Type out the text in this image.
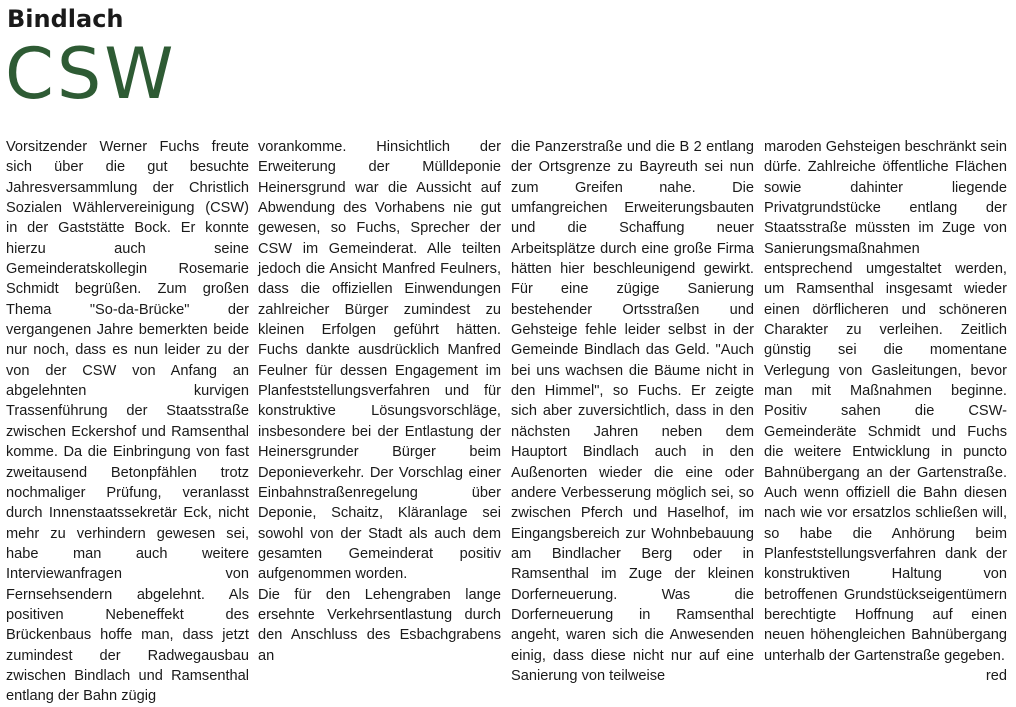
Bindlach
CSW

Vorsitzender Werner Fuchs freute sich über die gut besuchte Jahresversammlung der Christlich Sozialen Wählervereinigung (CSW) in der Gaststätte Bock. Er konnte hierzu auch seine Gemeinderatskollegin Rosemarie Schmidt begrüßen. Zum großen Thema "So-da-Brücke" der vergangenen Jahre bemerkten beide nur noch, dass es nun leider zu der von der CSW von Anfang an abgelehnten kurvigen Trassenführung der Staatsstraße zwischen Eckershof und Ramsenthal komme. Da die Einbringung von fast zweitausend Betonpfählen trotz nochmaliger Prüfung, veranlasst durch Innenstaatssekretär Eck, nicht mehr zu verhindern gewesen sei, habe man auch weitere Interviewanfragen von Fernsehsendern abgelehnt. Als positiven Nebeneffekt des Brückenbaus hoffe man, dass jetzt zumindest der Radwegausbau zwischen Bindlach und Ramsenthal entlang der Bahn zügig

vorankomme. Hinsichtlich der Erweiterung der Mülldeponie Heinersgrund war die Aussicht auf Abwendung des Vorhabens nie gut gewesen, so Fuchs, Sprecher der CSW im Gemeinderat. Alle teilten jedoch die Ansicht Manfred Feulners, dass die offiziellen Einwendungen zahlreicher Bürger zumindest zu kleinen Erfolgen geführt hätten. Fuchs dankte ausdrücklich Manfred Feulner für dessen Engagement im Planfeststellungsverfahren und für konstruktive Lösungsvorschläge, insbesondere bei der Entlastung der Heinersgrunder Bürger beim Deponieverkehr. Der Vorschlag einer Einbahnstraßenregelung über Deponie, Schaitz, Kläranlage sei sowohl von der Stadt als auch dem gesamten Gemeinderat positiv aufgenommen worden.

Die für den Lehengraben lange ersehnte Verkehrsentlastung durch den Anschluss des Esbachgrabens an

die Panzerstraße und die B 2 entlang der Ortsgrenze zu Bayreuth sei nun zum Greifen nahe. Die umfangreichen Erweiterungsbauten und die Schaffung neuer Arbeitsplätze durch eine große Firma hätten hier beschleunigend gewirkt. Für eine zügige Sanierung bestehender Ortsstraßen und Gehsteige fehle leider selbst in der Gemeinde Bindlach das Geld. "Auch bei uns wachsen die Bäume nicht in den Himmel", so Fuchs. Er zeigte sich aber zuversichtlich, dass in den nächsten Jahren neben dem Hauptort Bindlach auch in den Außenorten wieder die eine oder andere Verbesserung möglich sei, so zwischen Pferch und Haselhof, im Eingangsbereich zur Wohnbebauung am Bindlacher Berg oder in Ramsenthal im Zuge der kleinen Dorferneuerung. Was die Dorferneuerung in Ramsenthal angeht, waren sich die Anwesenden einig, dass diese nicht nur auf eine Sanierung von teilweise

maroden Gehsteigen beschränkt sein dürfe. Zahlreiche öffentliche Flächen sowie dahinter liegende Privatgrundstücke entlang der Staatsstraße müssten im Zuge von Sanierungsmaßnahmen entsprechend umgestaltet werden, um Ramsenthal insgesamt wieder einen dörflicheren und schöneren Charakter zu verleihen. Zeitlich günstig sei die momentane Verlegung von Gasleitungen, bevor man mit Maßnahmen beginne. Positiv sahen die CSW-Gemeinderäte Schmidt und Fuchs die weitere Entwicklung in puncto Bahnübergang an der Gartenstraße. Auch wenn offiziell die Bahn diesen nach wie vor ersatzlos schließen will, so habe die Anhörung beim Planfeststellungsverfahren dank der konstruktiven Haltung von betroffenen Grundstückseigentümern berechtigte Hoffnung auf einen neuen höhengleichen Bahnübergang unterhalb der Gartenstraße gegeben.
red
